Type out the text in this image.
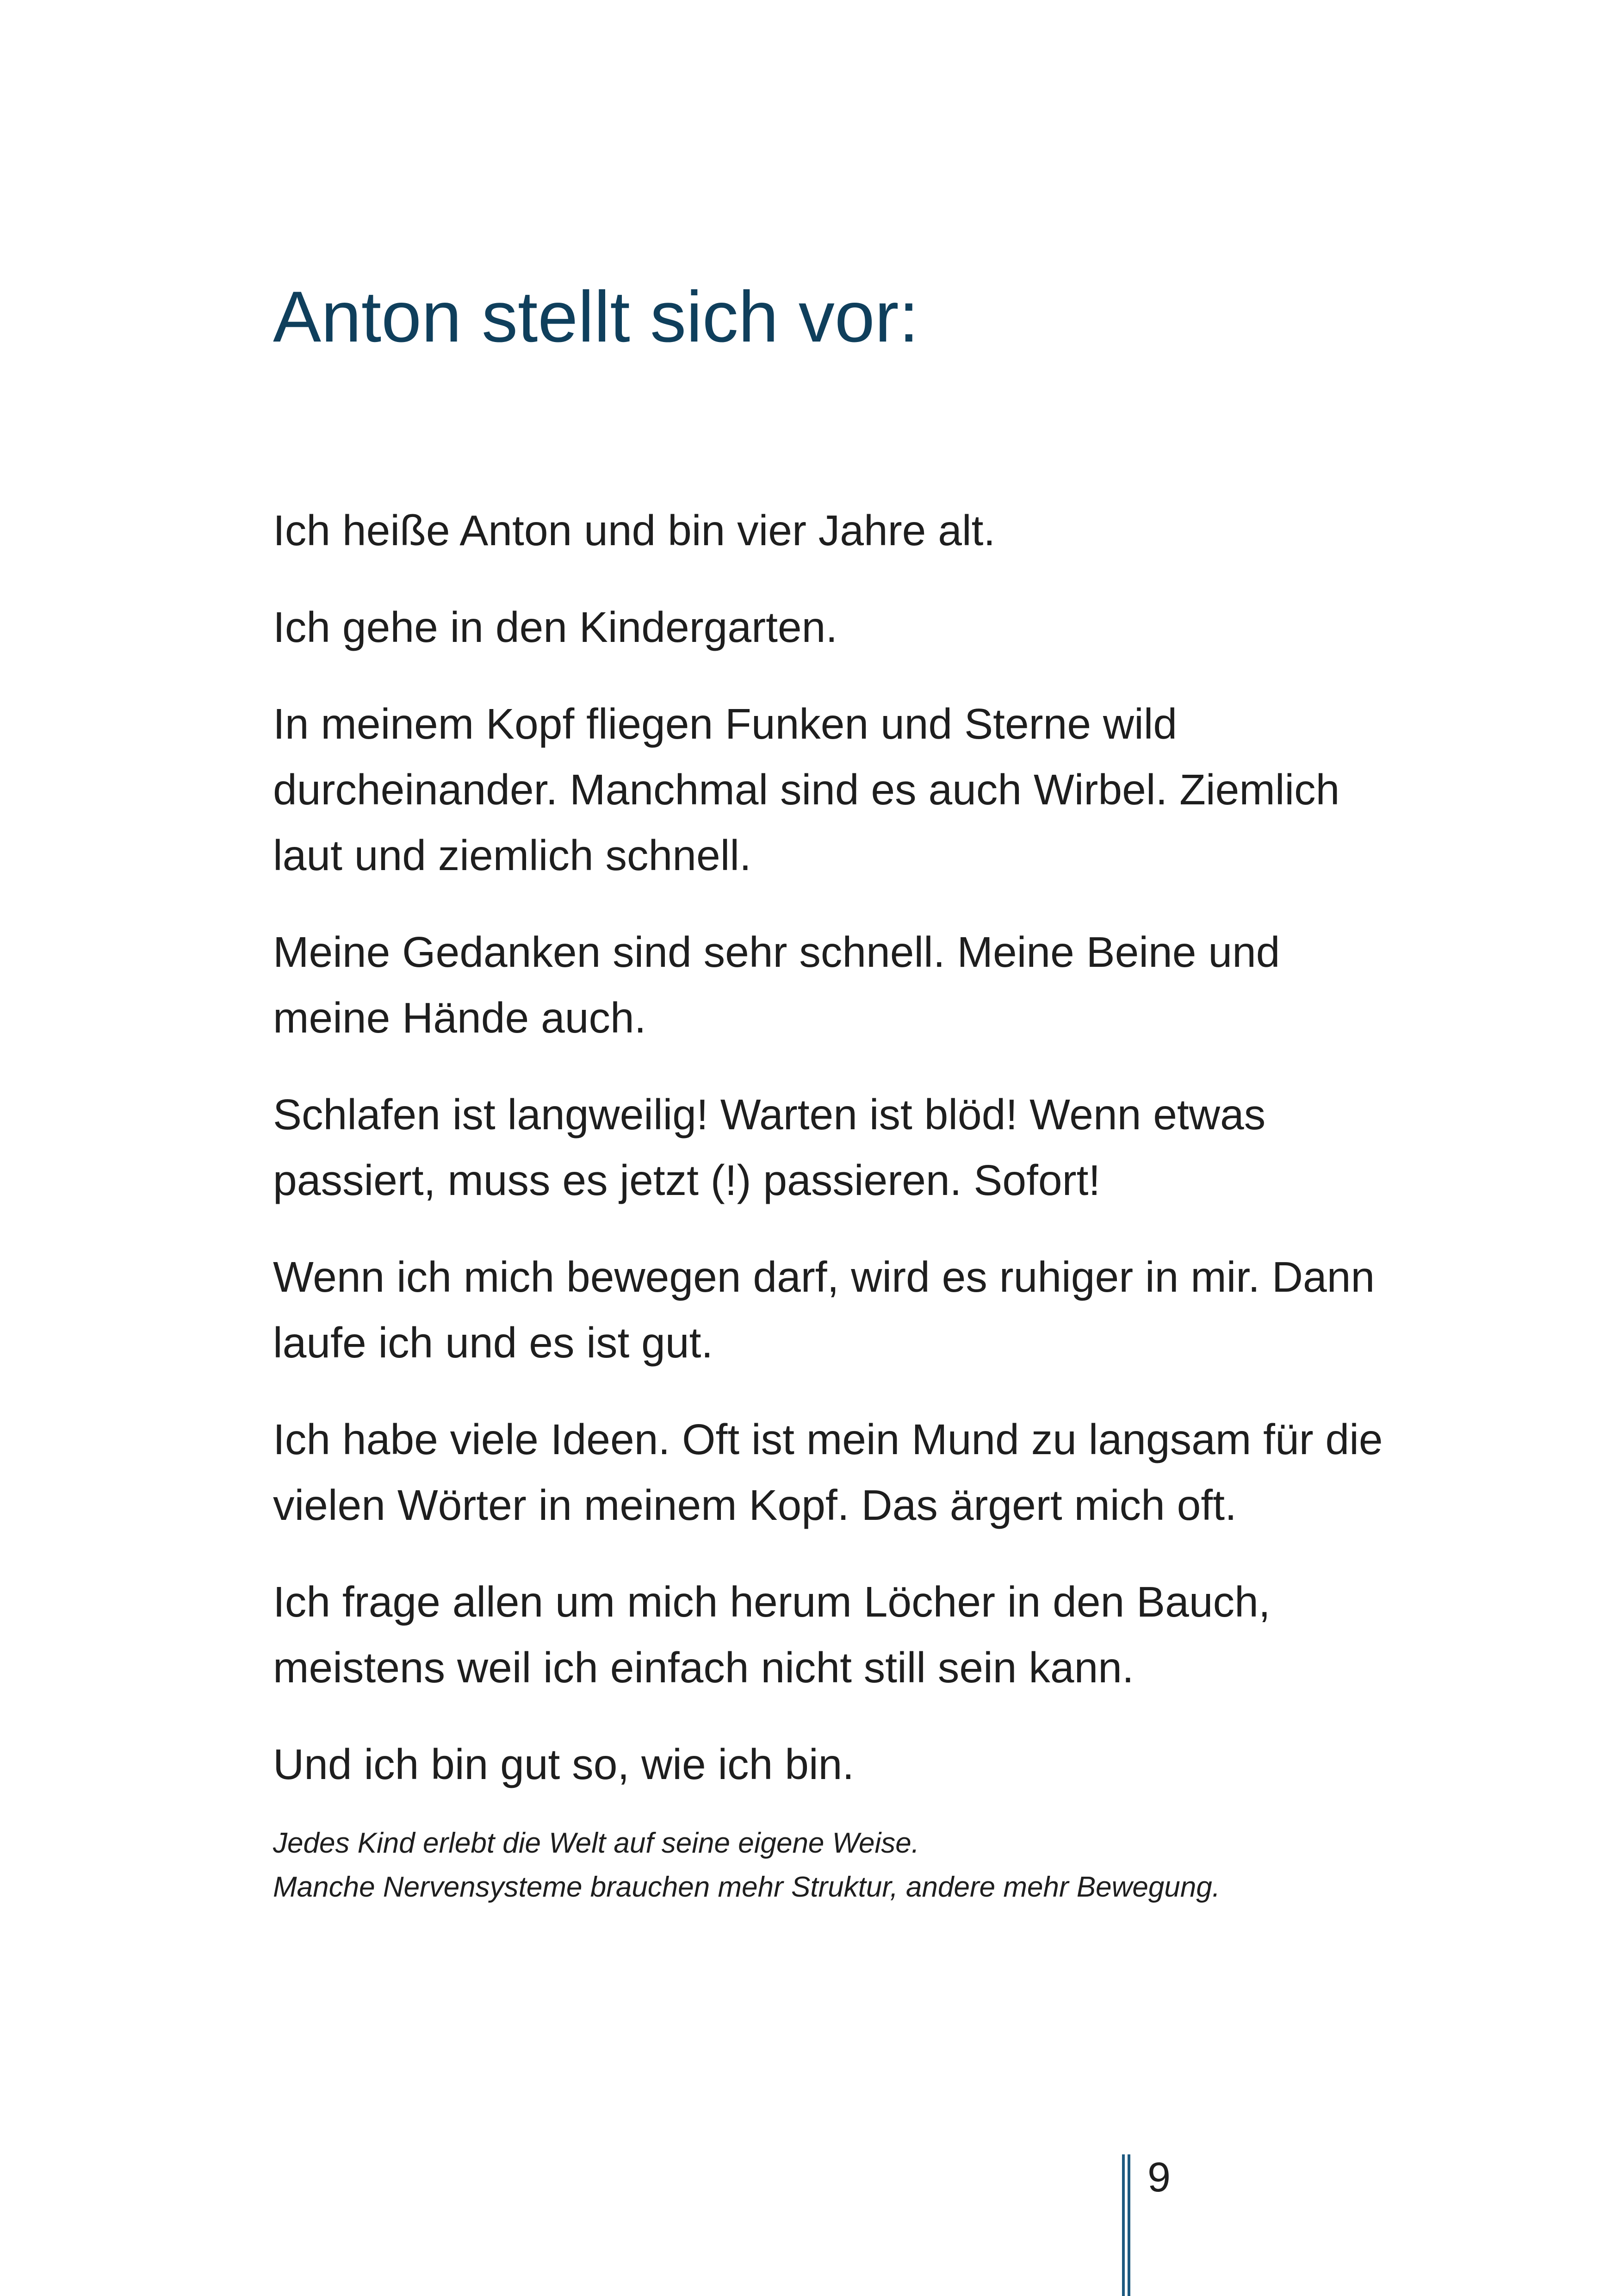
Anton stellt sich vor:

Ich heiße Anton und bin vier Jahre alt.

Ich gehe in den Kindergarten.

In meinem Kopf fliegen Funken und Sterne wild durcheinander. Manchmal sind es auch Wirbel. Ziemlich laut und ziemlich schnell.

Meine Gedanken sind sehr schnell. Meine Beine und meine Hände auch.

Schlafen ist langweilig! Warten ist blöd! Wenn etwas passiert, muss es jetzt (!) passieren. Sofort!

Wenn ich mich bewegen darf, wird es ruhiger in mir. Dann laufe ich und es ist gut.

Ich habe viele Ideen. Oft ist mein Mund zu langsam für die vielen Wörter in meinem Kopf. Das ärgert mich oft.

Ich frage allen um mich herum Löcher in den Bauch, meistens weil ich einfach nicht still sein kann.

Und ich bin gut so, wie ich bin.

Jedes Kind erlebt die Welt auf seine eigene Weise.
Manche Nervensysteme brauchen mehr Struktur, andere mehr Bewegung.
9
